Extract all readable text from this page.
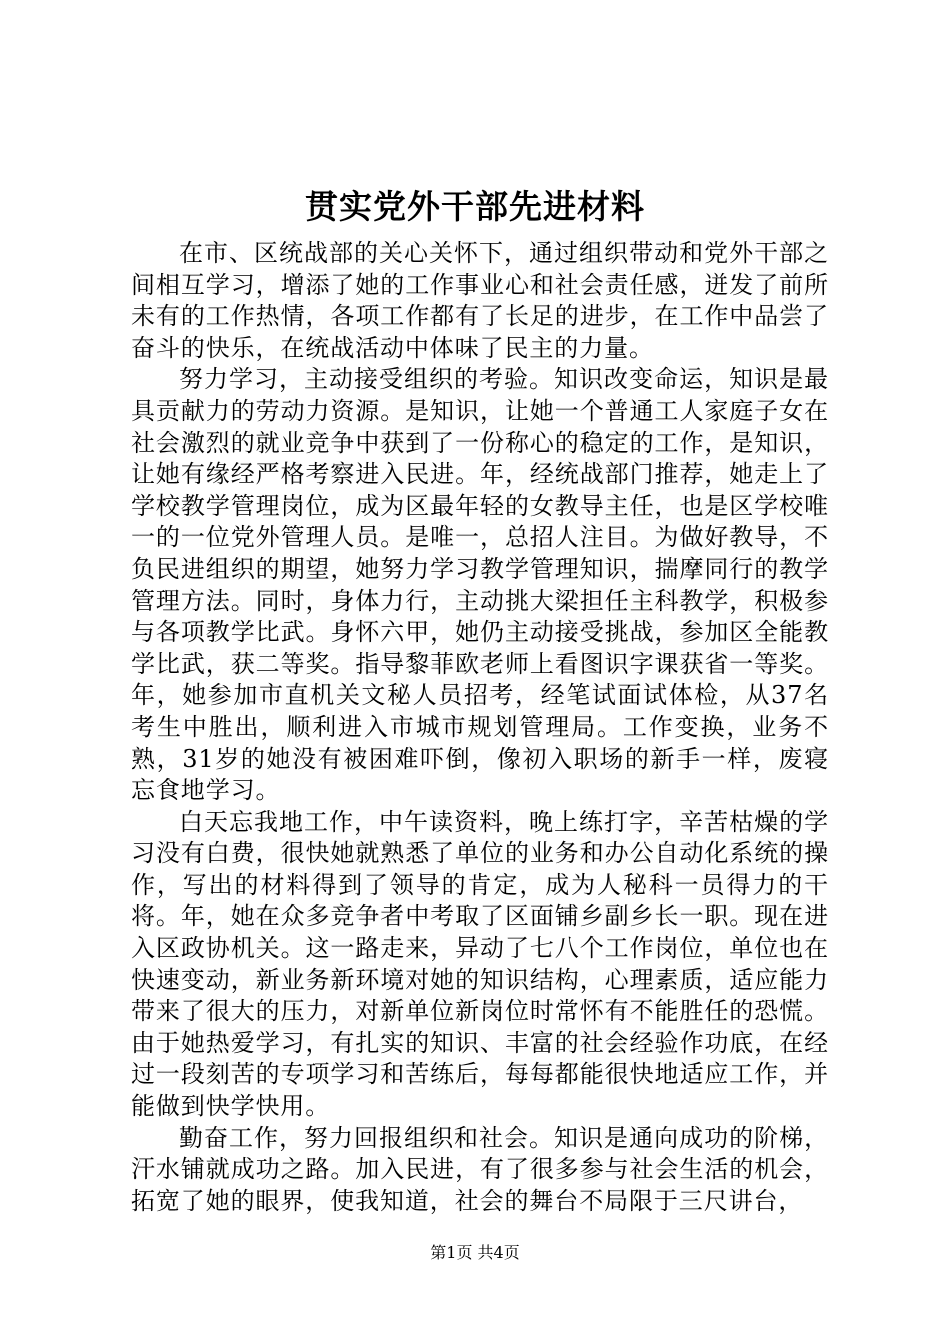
贯实党外干部先进材料

在市、区统战部的关心关怀下，通过组织带动和党外干部之间相互学习，增添了她的工作事业心和社会责任感，迸发了前所未有的工作热情，各项工作都有了长足的进步，在工作中品尝了奋斗的快乐，在统战活动中体味了民主的力量。

努力学习，主动接受组织的考验。知识改变命运，知识是最具贡献力的劳动力资源。是知识，让她一个普通工人家庭子女在社会激烈的就业竞争中获到了一份称心的稳定的工作，是知识，让她有缘经严格考察进入民进。年，经统战部门推荐，她走上了学校教学管理岗位，成为区最年轻的女教导主任，也是区学校唯一的一位党外管理人员。是唯一，总招人注目。为做好教导，不负民进组织的期望，她努力学习教学管理知识，揣摩同行的教学管理方法。同时，身体力行，主动挑大梁担任主科教学，积极参与各项教学比武。身怀六甲，她仍主动接受挑战，参加区全能教学比武，获二等奖。指导黎菲欧老师上看图识字课获省一等奖。年，她参加市直机关文秘人员招考，经笔试面试体检，从37名考生中胜出，顺利进入市城市规划管理局。工作变换，业务不熟，31岁的她没有被困难吓倒，像初入职场的新手一样，废寝忘食地学习。

白天忘我地工作，中午读资料，晚上练打字，辛苦枯燥的学习没有白费，很快她就熟悉了单位的业务和办公自动化系统的操作，写出的材料得到了领导的肯定，成为人秘科一员得力的干将。年，她在众多竞争者中考取了区面铺乡副乡长一职。现在进入区政协机关。这一路走来，异动了七八个工作岗位，单位也在快速变动，新业务新环境对她的知识结构，心理素质，适应能力带来了很大的压力，对新单位新岗位时常怀有不能胜任的恐慌。由于她热爱学习，有扎实的知识、丰富的社会经验作功底，在经过一段刻苦的专项学习和苦练后，每每都能很快地适应工作，并能做到快学快用。

勤奋工作，努力回报组织和社会。知识是通向成功的阶梯，汗水铺就成功之路。加入民进，有了很多参与社会生活的机会，拓宽了她的眼界，使我知道，社会的舞台不局限于三尺讲台，

第1页 共4页
